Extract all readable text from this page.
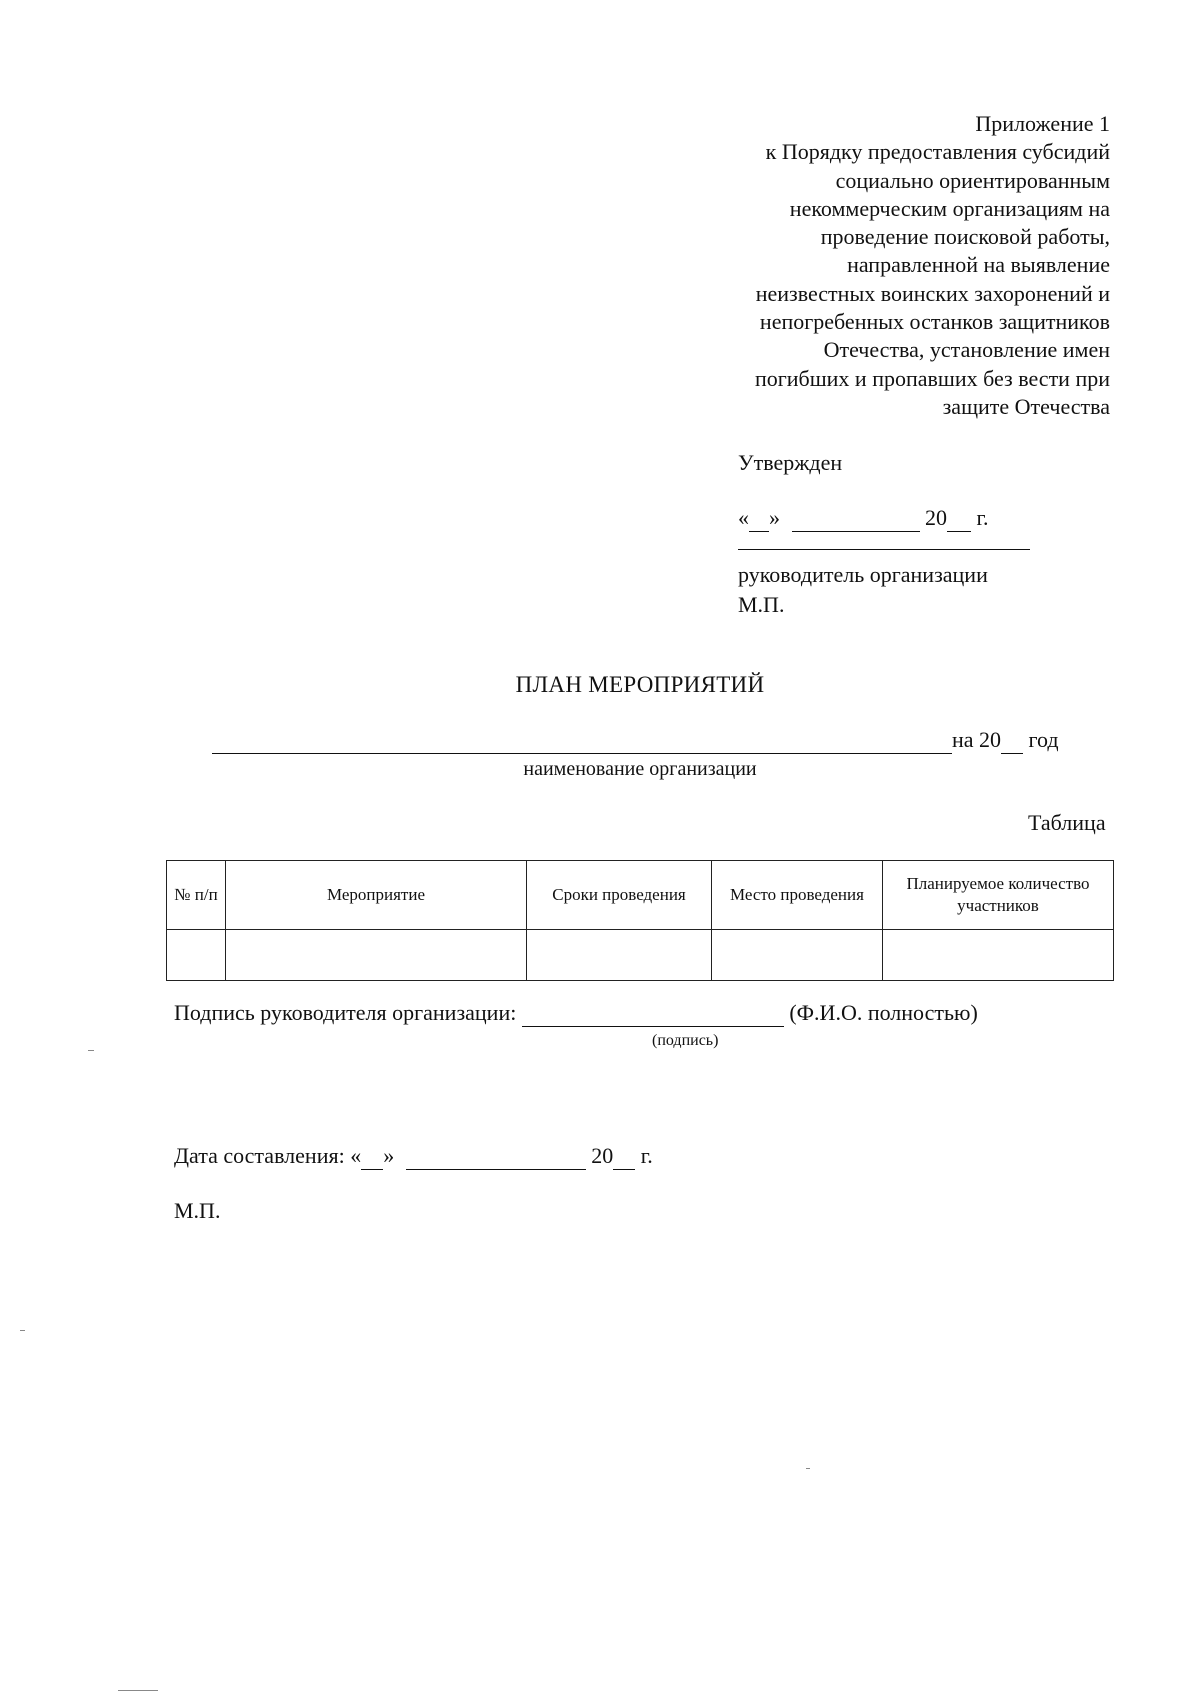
Приложение 1
к Порядку предоставления субсидий
социально ориентированным
некоммерческим организациям на
проведение поисковой работы,
направленной на выявление
неизвестных воинских захоронений и
непогребенных останков защитников
Отечества, установление имен
погибших и пропавших без вести при
защите Отечества
Утвержден
« »	20 г.
руководитель организации
М.П.
ПЛАН МЕРОПРИЯТИЙ
на 20 год
наименование организации
Таблица
№ п/п	Мероприятие	Сроки проведения	Место проведения	Планируемое количество участников

Подпись руководителя организации:	(Ф.И.О. полностью)
(подпись)
Дата составления: « »	20 г.
М.П.
